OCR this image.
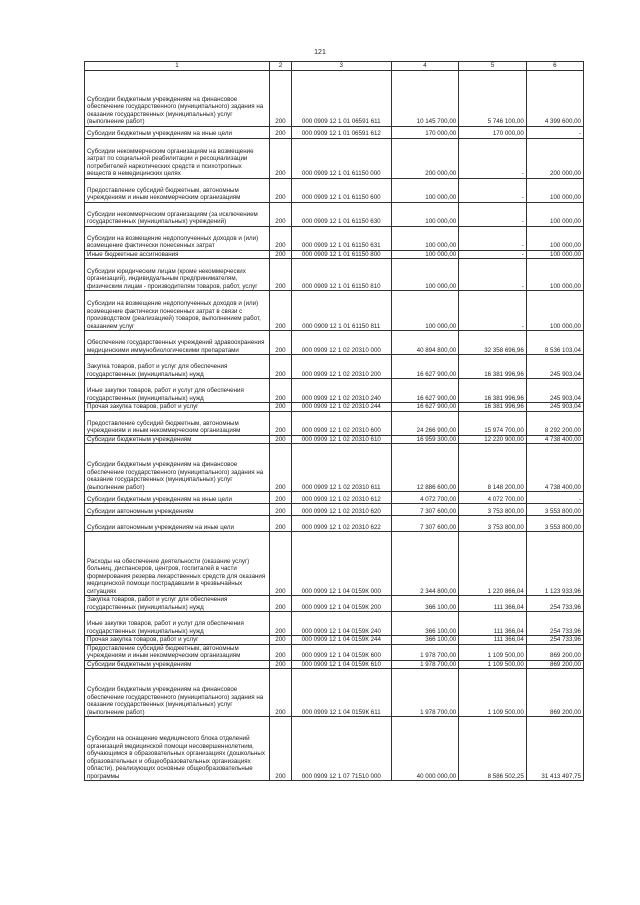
121
1	2	3	4	5	6
Субсидии бюджетным учреждениям на финансовое обеспечение государственного (муниципального) задания на оказание государственных (муниципальных) услуг (выполнение работ)	200	000 0909 12 1 01 06591 611	10 145 700,00	5 746 100,00	4 399 600,00
Субсидии бюджетным учреждениям на иные цели	200	000 0909 12 1 01 06591 612	170 000,00	170 000,00	-
Субсидии некоммерческим организациям на возмещение затрат по социальной реабилитации и ресоциализации потребителей наркотических средств и психотропных веществ в немедицинских целях	200	000 0909 12 1 01 61150 000	200 000,00	-	200 000,00
Предоставление субсидий бюджетным, автономным учреждениям и иным некоммерческим организациям	200	000 0909 12 1 01 61150 600	100 000,00	-	100 000,00
Субсидии некоммерческим организациям (за исключением государственных (муниципальных) учреждений)	200	000 0909 12 1 01 61150 630	100 000,00	-	100 000,00
Субсидии на возмещение недополученных доходов и (или) возмещение фактически понесенных затрат	200	000 0909 12 1 01 61150 631	100 000,00	-	100 000,00
Иные бюджетные ассигнования	200	000 0909 12 1 01 61150 800	100 000,00	-	100 000,00
Субсидии юридическим лицам (кроме некоммерческих организаций), индивидуальным предпринимателям, физическим лицам - производителям товаров, работ, услуг	200	000 0909 12 1 01 61150 810	100 000,00	-	100 000,00
Субсидии на возмещение недополученных доходов и (или) возмещение фактически понесенных затрат в связи с производством (реализацией) товаров, выполнением работ, оказанием услуг	200	000 0909 12 1 01 61150 811	100 000,00	-	100 000,00
Обеспечение государственных учреждений здравоохранения медицинскими иммунобиологическими препаратами	200	000 0909 12 1 02 20310 000	40 894 800,00	32 358 696,96	8 536 103,04
Закупка товаров, работ и услуг для обеспечения государственных (муниципальных) нужд	200	000 0909 12 1 02 20310 200	16 627 900,00	16 381 996,96	245 903,04
Иные закупки товаров, работ и услуг для обеспечения государственных (муниципальных) нужд	200	000 0909 12 1 02 20310 240	16 627 900,00	16 381 996,96	245 903,04
Прочая закупка товаров, работ и услуг	200	000 0909 12 1 02 20310 244	16 627 900,00	16 381 996,96	245 903,04
Предоставление субсидий бюджетным, автономным учреждениям и иным некоммерческим организациям	200	000 0909 12 1 02 20310 600	24 266 900,00	15 974 700,00	8 292 200,00
Субсидии бюджетным учреждениям	200	000 0909 12 1 02 20310 610	16 959 300,00	12 220 900,00	4 738 400,00
Субсидии бюджетным учреждениям на финансовое обеспечение государственного (муниципального) задания на оказание государственных (муниципальных) услуг (выполнение работ)	200	000 0909 12 1 02 20310 611	12 886 600,00	8 148 200,00	4 738 400,00
Субсидии бюджетным учреждениям на иные цели	200	000 0909 12 1 02 20310 612	4 072 700,00	4 072 700,00	-
Субсидии автономным учреждениям	200	000 0909 12 1 02 20310 620	7 307 600,00	3 753 800,00	3 553 800,00
Субсидии автономным учреждениям на иные цели	200	000 0909 12 1 02 20310 622	7 307 600,00	3 753 800,00	3 553 800,00
Расходы на обеспечение деятельности (оказание услуг) больниц, диспансеров, центров, госпиталей в части формирования резерва лекарственных средств для оказания медицинской помощи пострадавшим в чрезвычайных ситуациях	200	000 0909 12 1 04 0159К 000	2 344 800,00	1 220 866,04	1 123 933,96
Закупка товаров, работ и услуг для обеспечения государственных (муниципальных) нужд	200	000 0909 12 1 04 0159К 200	366 100,00	111 366,04	254 733,96
Иные закупки товаров, работ и услуг для обеспечения государственных (муниципальных) нужд	200	000 0909 12 1 04 0159К 240	366 100,00	111 366,04	254 733,96
Прочая закупка товаров, работ и услуг	200	000 0909 12 1 04 0159К 244	366 100,00	111 366,04	254 733,96
Предоставление субсидий бюджетным, автономным учреждениям и иным некоммерческим организациям	200	000 0909 12 1 04 0159К 600	1 978 700,00	1 109 500,00	869 200,00
Субсидии бюджетным учреждениям	200	000 0909 12 1 04 0159К 610	1 978 700,00	1 109 500,00	869 200,00
Субсидии бюджетным учреждениям на финансовое обеспечение государственного (муниципального) задания на оказание государственных (муниципальных) услуг (выполнение работ)	200	000 0909 12 1 04 0159К 611	1 978 700,00	1 109 500,00	869 200,00
Субсидии на оснащение медицинского блока отделений организаций медицинской помощи несовершеннолетним, обучающимся в образовательных организациях (дошкольных образовательных и общеобразовательных организациях области), реализующих основные общеобразовательные программы	200	000 0909 12 1 07 71510 000	40 000 000,00	8 586 502,25	31 413 497,75
